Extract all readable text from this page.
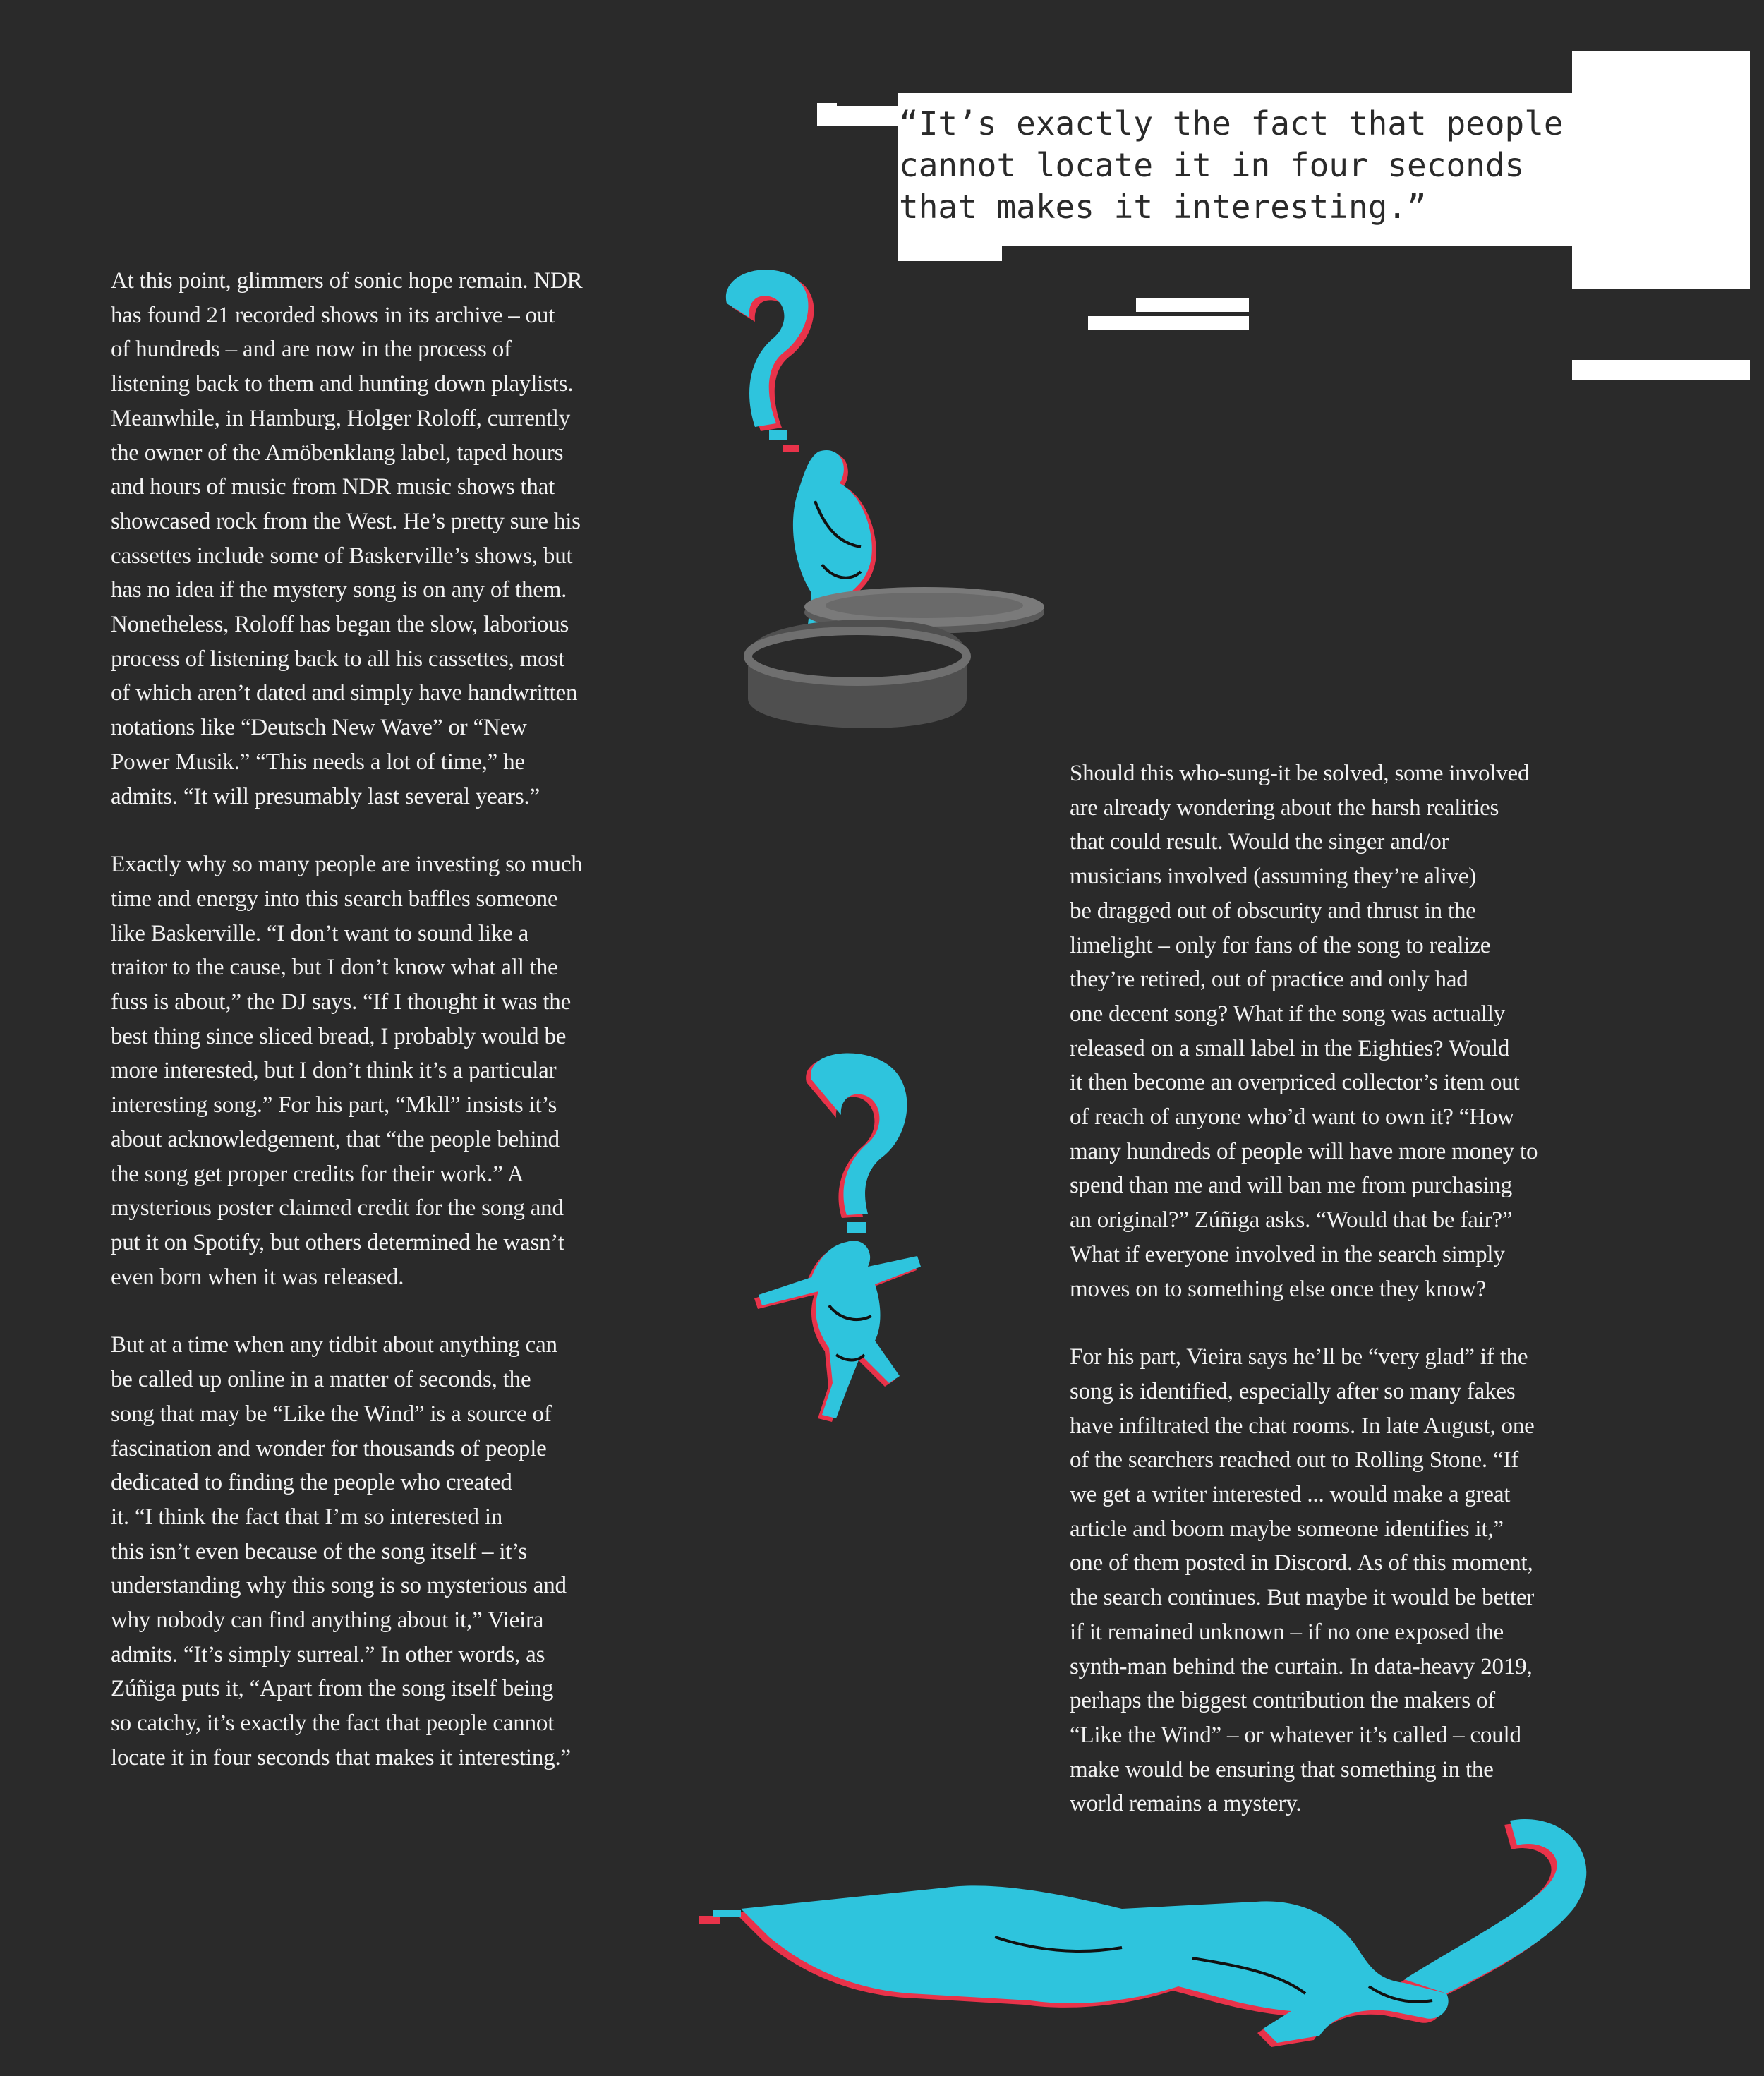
“It’s exactly the fact that people
cannot locate it in four seconds
that makes it interesting.”

At this point, glimmers of sonic hope remain. NDR
has found 21 recorded shows in its archive – out
of hundreds – and are now in the process of
listening back to them and hunting down playlists.
Meanwhile, in Hamburg, Holger Roloff, currently
the owner of the Amöbenklang label, taped hours
and hours of music from NDR music shows that
showcased rock from the West. He’s pretty sure his
cassettes include some of Baskerville’s shows, but
has no idea if the mystery song is on any of them.
Nonetheless, Roloff has began the slow, laborious
process of listening back to all his cassettes, most
of which aren’t dated and simply have handwritten
notations like “Deutsch New Wave” or “New
Power Musik.” “This needs a lot of time,” he
admits. “It will presumably last several years.”

Exactly why so many people are investing so much
time and energy into this search baffles someone
like Baskerville. “I don’t want to sound like a
traitor to the cause, but I don’t know what all the
fuss is about,” the DJ says. “If I thought it was the
best thing since sliced bread, I probably would be
more interested, but I don’t think it’s a particular
interesting song.” For his part, “Mkll” insists it’s
about acknowledgement, that “the people behind
the song get proper credits for their work.” A
mysterious poster claimed credit for the song and
put it on Spotify, but others determined he wasn’t
even born when it was released.

But at a time when any tidbit about anything can
be called up online in a matter of seconds, the
song that may be “Like the Wind” is a source of
fascination and wonder for thousands of people
dedicated to finding the people who created
it. “I think the fact that I’m so interested in
this isn’t even because of the song itself – it’s
understanding why this song is so mysterious and
why nobody can find anything about it,” Vieira
admits. “It’s simply surreal.” In other words, as
Zúñiga puts it, “Apart from the song itself being
so catchy, it’s exactly the fact that people cannot
locate it in four seconds that makes it interesting.”

Should this who-sung-it be solved, some involved
are already wondering about the harsh realities
that could result. Would the singer and/or
musicians involved (assuming they’re alive)
be dragged out of obscurity and thrust in the
limelight – only for fans of the song to realize
they’re retired, out of practice and only had
one decent song? What if the song was actually
released on a small label in the Eighties? Would
it then become an overpriced collector’s item out
of reach of anyone who’d want to own it? “How
many hundreds of people will have more money to
spend than me and will ban me from purchasing
an original?” Zúñiga asks. “Would that be fair?”
What if everyone involved in the search simply
moves on to something else once they know?

For his part, Vieira says he’ll be “very glad” if the
song is identified, especially after so many fakes
have infiltrated the chat rooms. In late August, one
of the searchers reached out to Rolling Stone. “If
we get a writer interested ... would make a great
article and boom maybe someone identifies it,”
one of them posted in Discord. As of this moment,
the search continues. But maybe it would be better
if it remained unknown – if no one exposed the
synth-man behind the curtain. In data-heavy 2019,
perhaps the biggest contribution the makers of
“Like the Wind” – or whatever it’s called – could
make would be ensuring that something in the
world remains a mystery.
